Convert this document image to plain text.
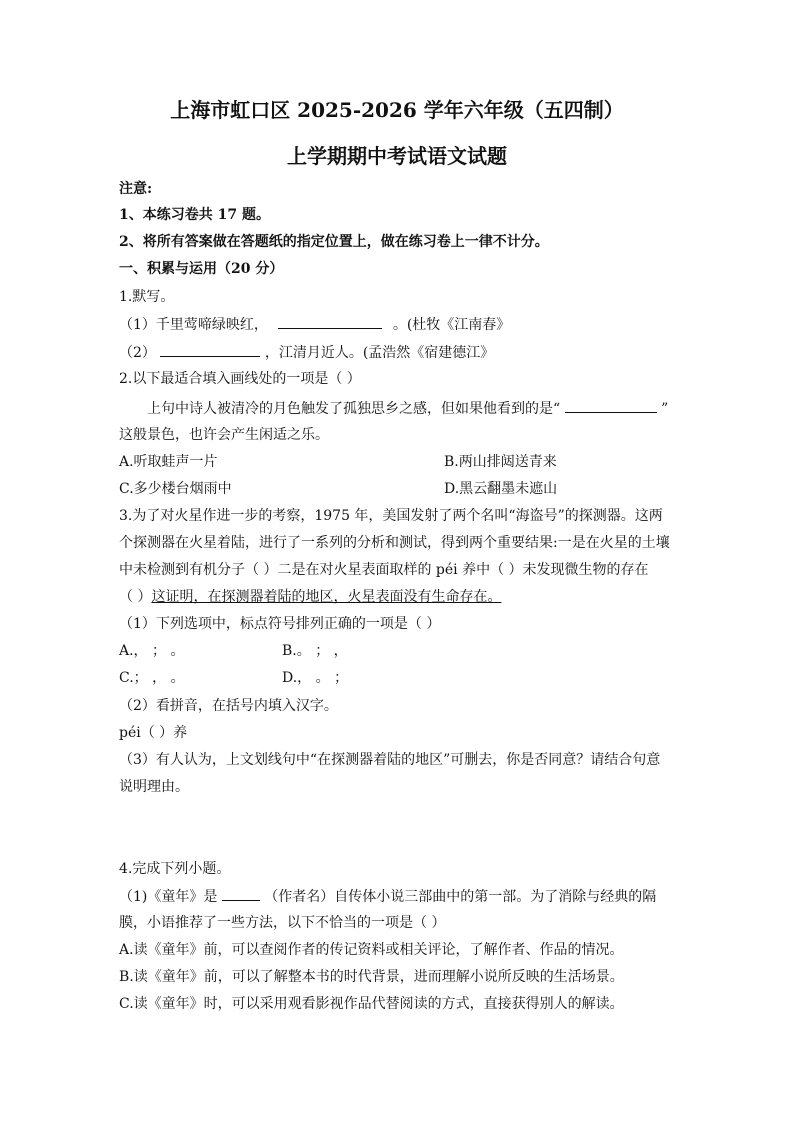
上海市虹口区 2025-2026 学年六年级（五四制）
上学期期中考试语文试题
注意:
1、本练习卷共 17 题。
2、将所有答案做在答题纸的指定位置上，做在练习卷上一律不计分。
一、积累与运用（20 分）
1.默写。
（1）千里莺啼绿映红，	。(杜牧《江南春》
（2）	，江清月近人。(孟浩然《宿建德江》
2.以下最适合填入画线处的一项是（ ）
上句中诗人被清冷的月色触发了孤独思乡之感，但如果他看到的是“	”
这般景色，也许会产生闲适之乐。
A.听取蛙声一片	B.两山排闼送青来
C.多少楼台烟雨中	D.黑云翻墨未遮山
3.为了对火星作进一步的考察，1975 年，美国发射了两个名叫“海盗号”的探测器。这两
个探测器在火星着陆，进行了一系列的分析和测试，得到两个重要结果:一是在火星的土壤
中未检测到有机分子（ ）二是在对火星表面取样的 péi 养中（ ）未发现微生物的存在
（ ）这证明，在探测器着陆的地区，火星表面没有生命存在。
（1）下列选项中，标点符号排列正确的一项是（ ）
A.， ； 。	B.。 ； ，
C.； ， 。	D.， 。 ；
（2）看拼音，在括号内填入汉字。
péi（ ）养
（3）有人认为，上文划线句中“在探测器着陆的地区”可删去，你是否同意？请结合句意
说明理由。
4.完成下列小题。
（1)《童年》是	（作者名）自传体小说三部曲中的第一部。为了消除与经典的隔
膜，小语推荐了一些方法，以下不恰当的一项是（ ）
A.读《童年》前，可以查阅作者的传记资料或相关评论，了解作者、作品的情况。
B.读《童年》前，可以了解整本书的时代背景，进而理解小说所反映的生活场景。
C.读《童年》时，可以采用观看影视作品代替阅读的方式，直接获得别人的解读。
